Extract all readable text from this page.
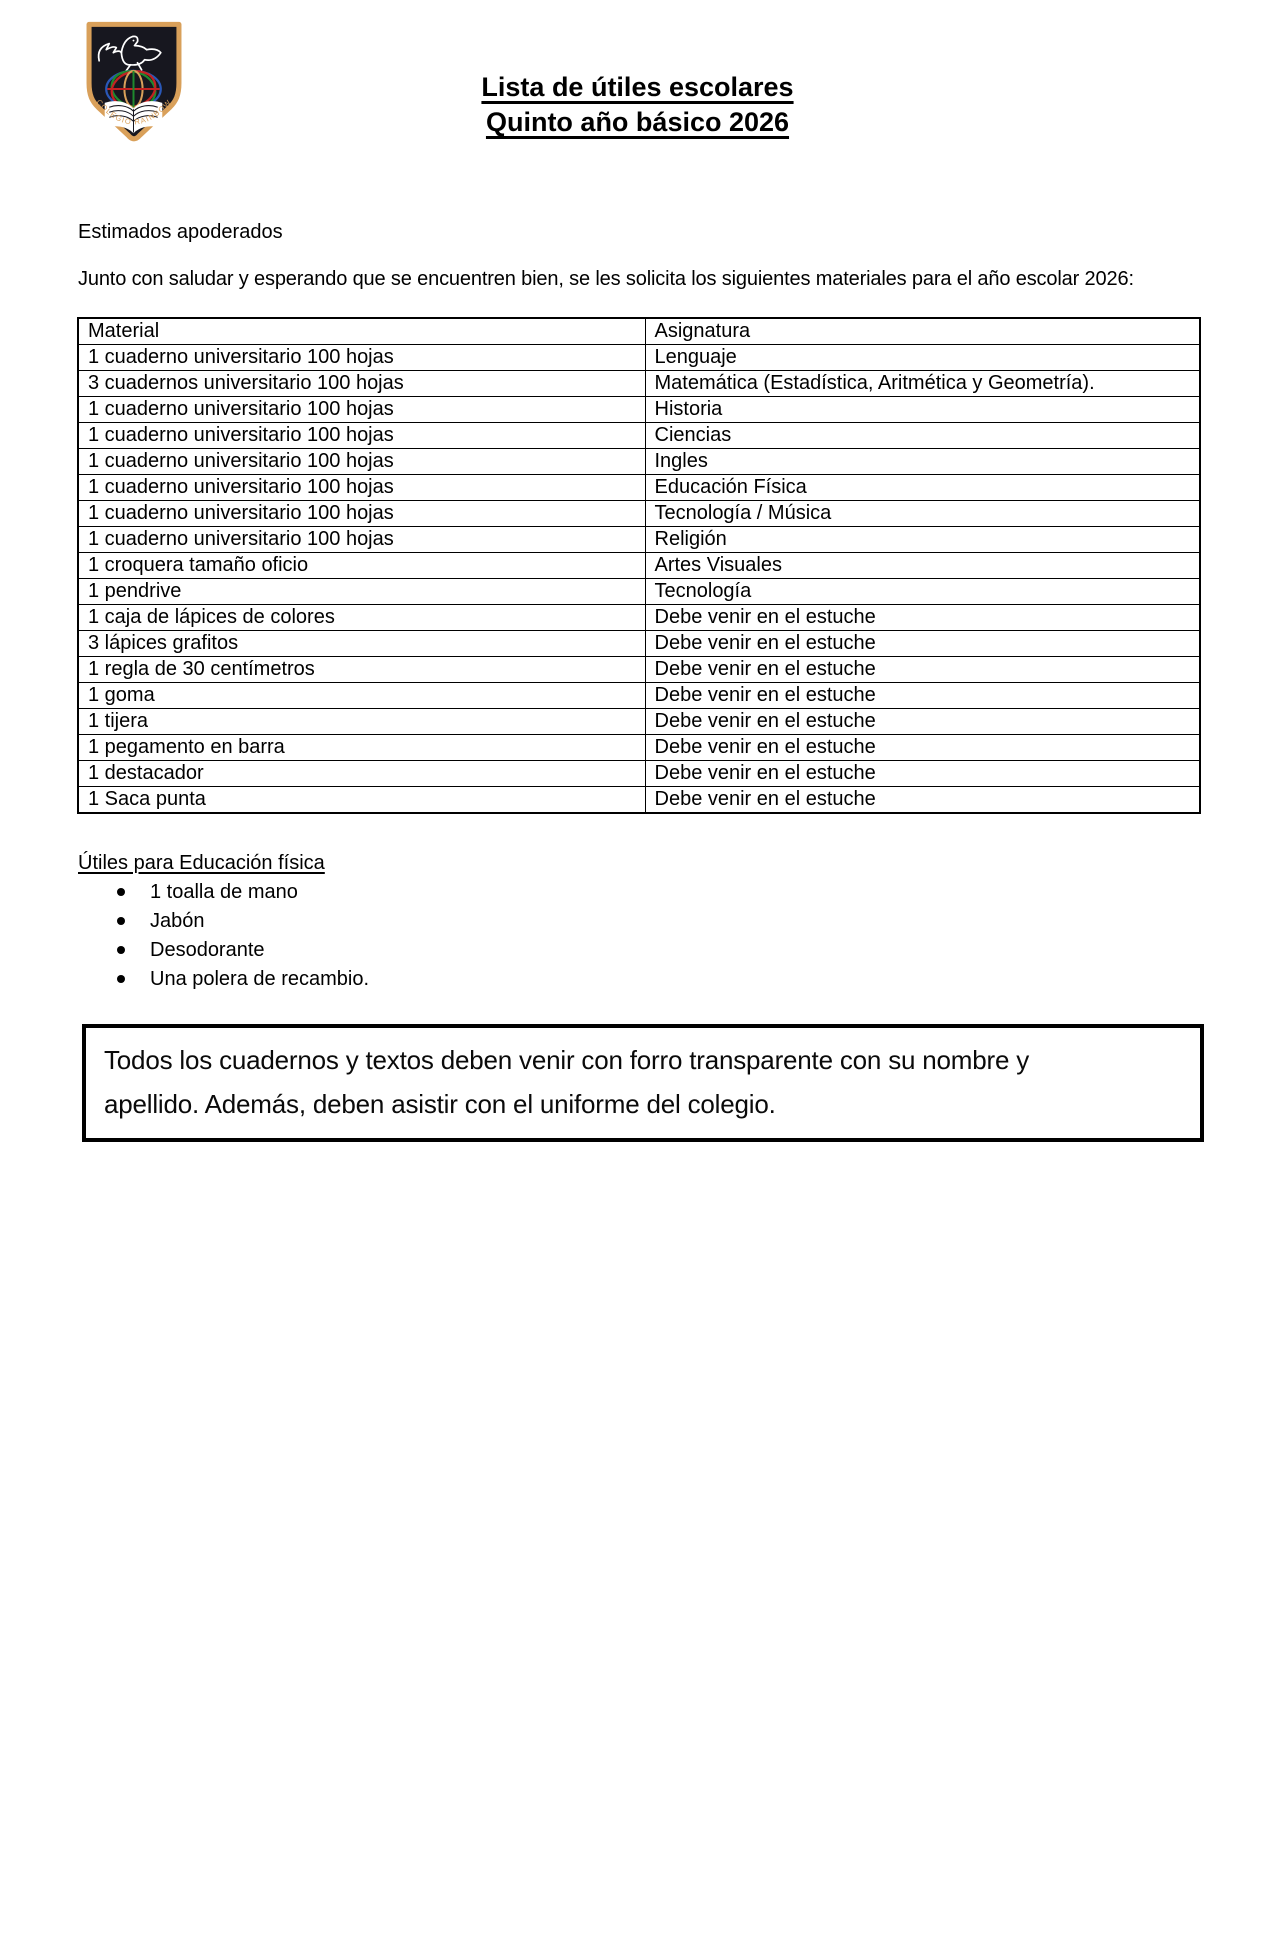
COLEGIO RAINBOW
Lista de útiles escolares
Quinto año básico 2026
Estimados apoderados
Junto con saludar y esperando que se encuentren bien, se les solicita los siguientes materiales para el año escolar 2026:
Material	Asignatura
1 cuaderno universitario 100 hojas	Lenguaje
3 cuadernos universitario 100 hojas	Matemática (Estadística, Aritmética y Geometría).
1 cuaderno universitario 100 hojas	Historia
1 cuaderno universitario 100 hojas	Ciencias
1 cuaderno universitario 100 hojas	Ingles
1 cuaderno universitario 100 hojas	Educación Física
1 cuaderno universitario 100 hojas	Tecnología / Música
1 cuaderno universitario 100 hojas	Religión
1 croquera tamaño oficio	Artes Visuales
1 pendrive	Tecnología
1 caja de lápices de colores	Debe venir en el estuche
3 lápices grafitos	Debe venir en el estuche
1 regla de 30 centímetros	Debe venir en el estuche
1 goma	Debe venir en el estuche
1 tijera	Debe venir en el estuche
1 pegamento en barra	Debe venir en el estuche
1 destacador	Debe venir en el estuche
1 Saca punta	Debe venir en el estuche
Útiles para Educación física
1 toalla de mano
Jabón
Desodorante
Una polera de recambio.
Todos los cuadernos y textos deben venir con forro transparente con su nombre y
apellido. Además, deben asistir con el uniforme del colegio.
